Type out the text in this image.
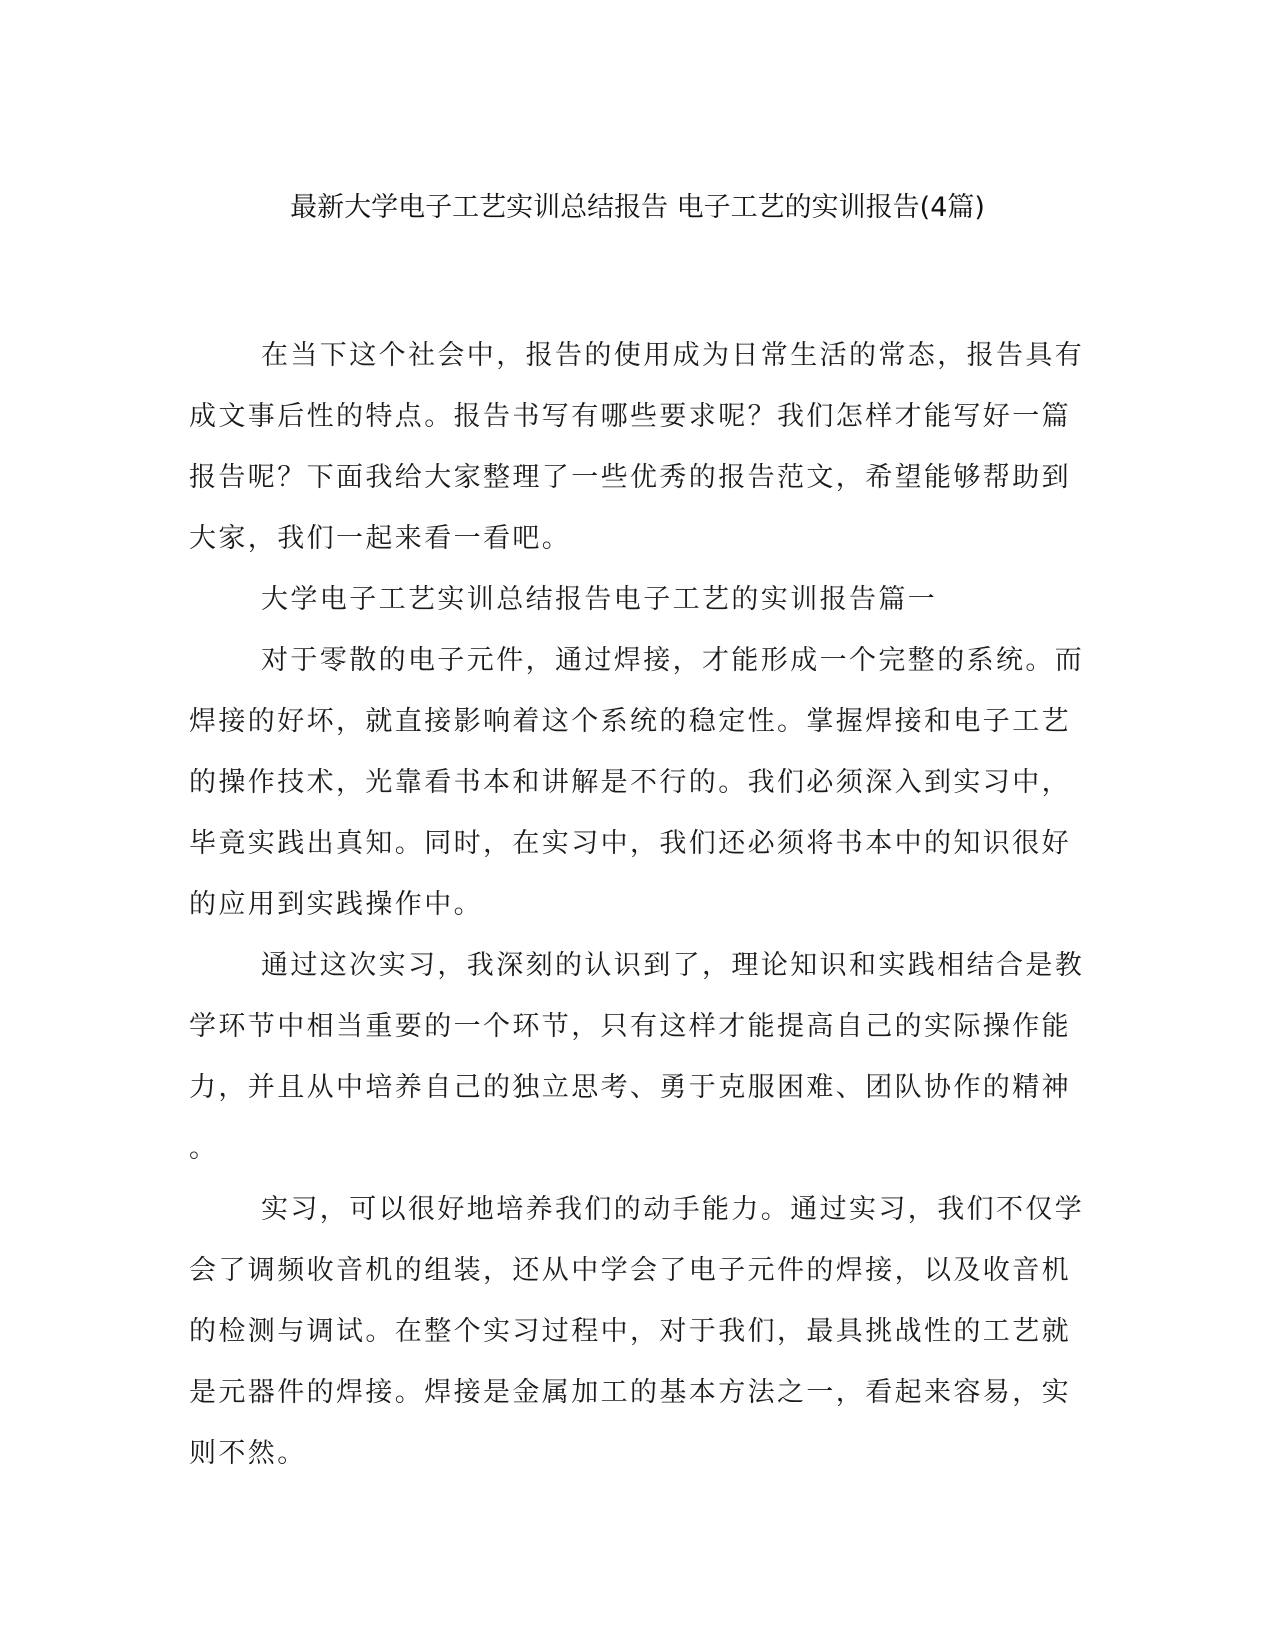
最新大学电子工艺实训总结报告 电子工艺的实训报告(4篇)
在当下这个社会中，报告的使用成为日常生活的常态，报告具有
成文事后性的特点。报告书写有哪些要求呢？我们怎样才能写好一篇
报告呢？下面我给大家整理了一些优秀的报告范文，希望能够帮助到
大家，我们一起来看一看吧。
大学电子工艺实训总结报告电子工艺的实训报告篇一
对于零散的电子元件，通过焊接，才能形成一个完整的系统。而
焊接的好坏，就直接影响着这个系统的稳定性。掌握焊接和电子工艺
的操作技术，光靠看书本和讲解是不行的。我们必须深入到实习中，
毕竟实践出真知。同时，在实习中，我们还必须将书本中的知识很好
的应用到实践操作中。
通过这次实习，我深刻的认识到了，理论知识和实践相结合是教
学环节中相当重要的一个环节，只有这样才能提高自己的实际操作能
力，并且从中培养自己的独立思考、勇于克服困难、团队协作的精神
。
实习，可以很好地培养我们的动手能力。通过实习，我们不仅学
会了调频收音机的组装，还从中学会了电子元件的焊接，以及收音机
的检测与调试。在整个实习过程中，对于我们，最具挑战性的工艺就
是元器件的焊接。焊接是金属加工的基本方法之一，看起来容易，实
则不然。
